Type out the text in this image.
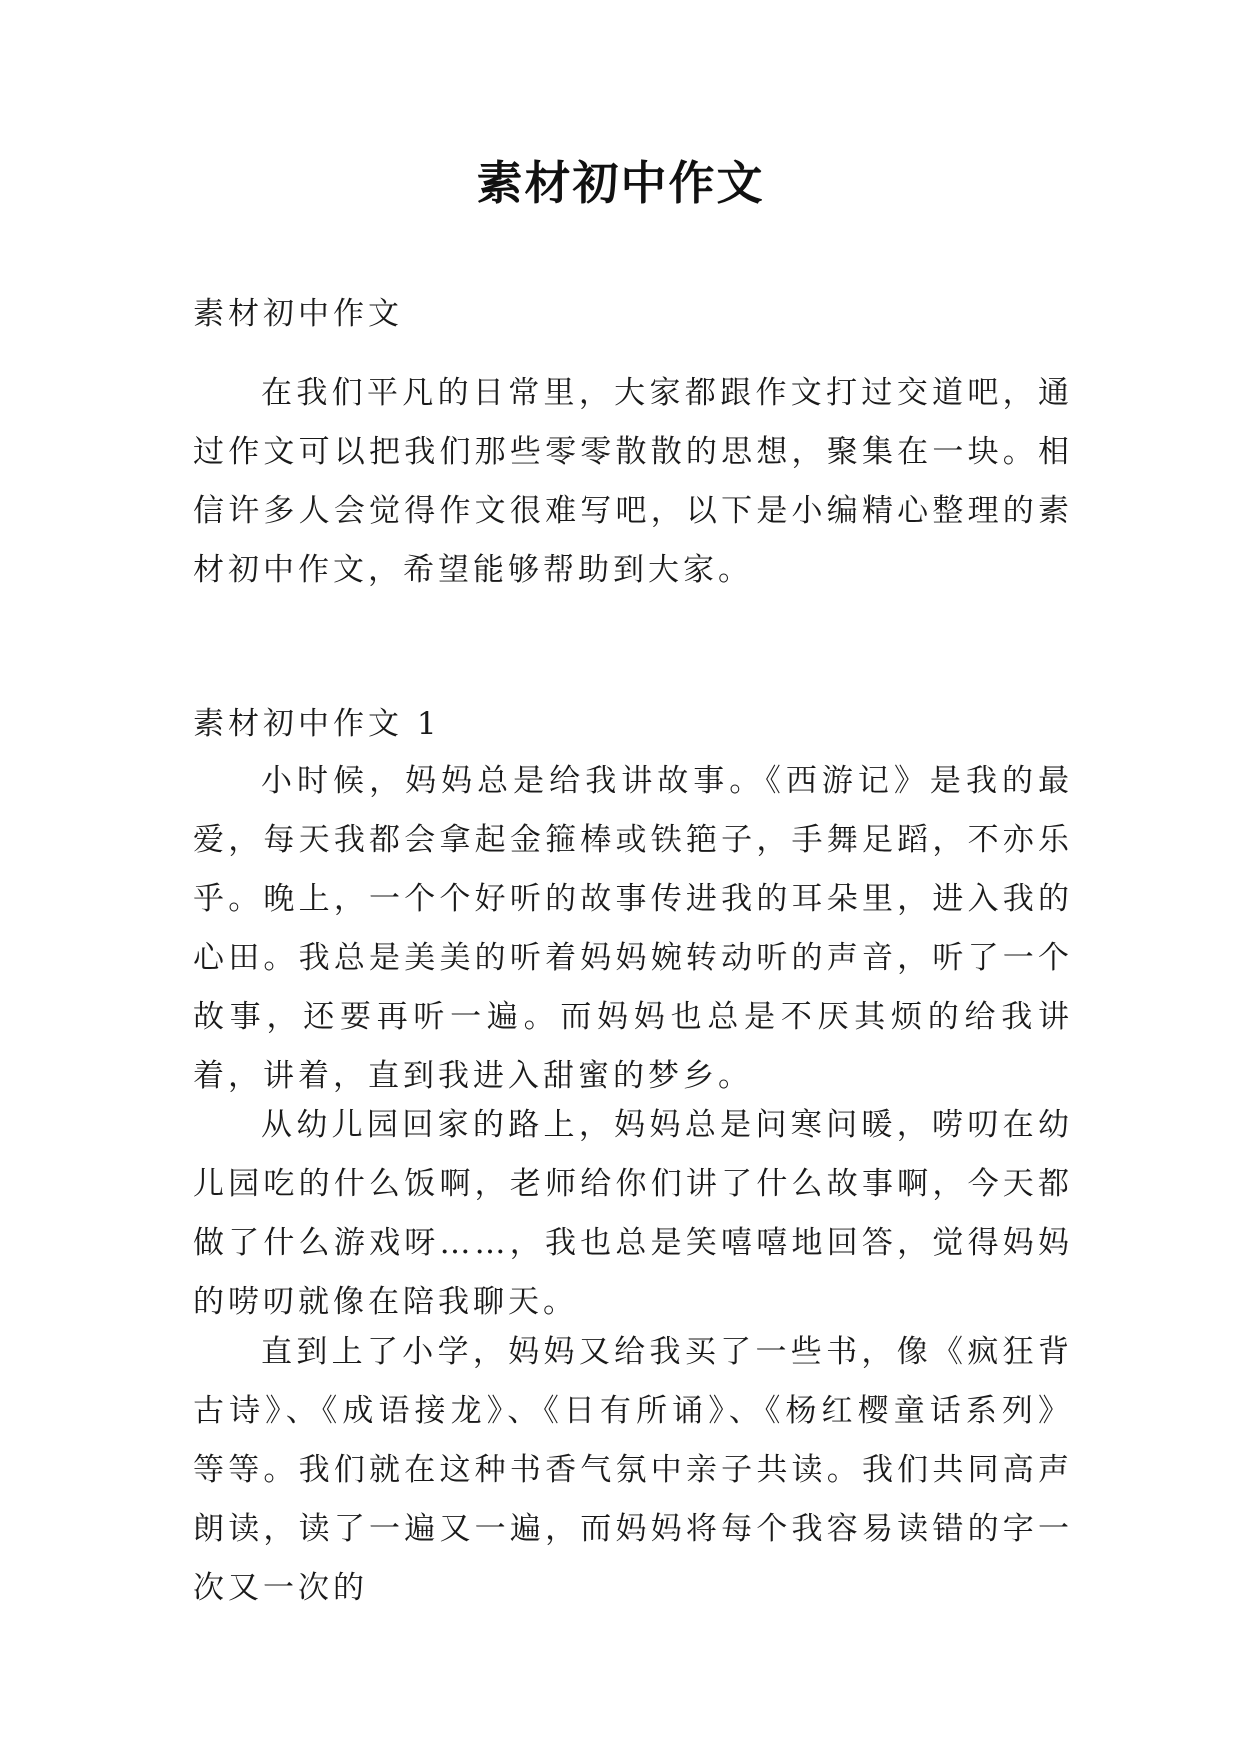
素材初中作文
素材初中作文

在我们平凡的日常里，大家都跟作文打过交道吧，通过作文可以把我们那些零零散散的思想，聚集在一块。相信许多人会觉得作文很难写吧，以下是小编精心整理的素材初中作文，希望能够帮助到大家。

素材初中作文 1

小时候，妈妈总是给我讲故事。《西游记》是我的最爱，每天我都会拿起金箍棒或铁筢子，手舞足蹈，不亦乐乎。晚上，一个个好听的故事传进我的耳朵里，进入我的心田。我总是美美的听着妈妈婉转动听的声音，听了一个故事，还要再听一遍。而妈妈也总是不厌其烦的给我讲着，讲着，直到我进入甜蜜的梦乡。

从幼儿园回家的路上，妈妈总是问寒问暖，唠叨在幼儿园吃的什么饭啊，老师给你们讲了什么故事啊，今天都做了什么游戏呀……，我也总是笑嘻嘻地回答，觉得妈妈的唠叨就像在陪我聊天。

直到上了小学，妈妈又给我买了一些书，像《疯狂背古诗》、《成语接龙》、《日有所诵》、《杨红樱童话系列》等等。我们就在这种书香气氛中亲子共读。我们共同高声朗读，读了一遍又一遍，而妈妈将每个我容易读错的字一次又一次的
